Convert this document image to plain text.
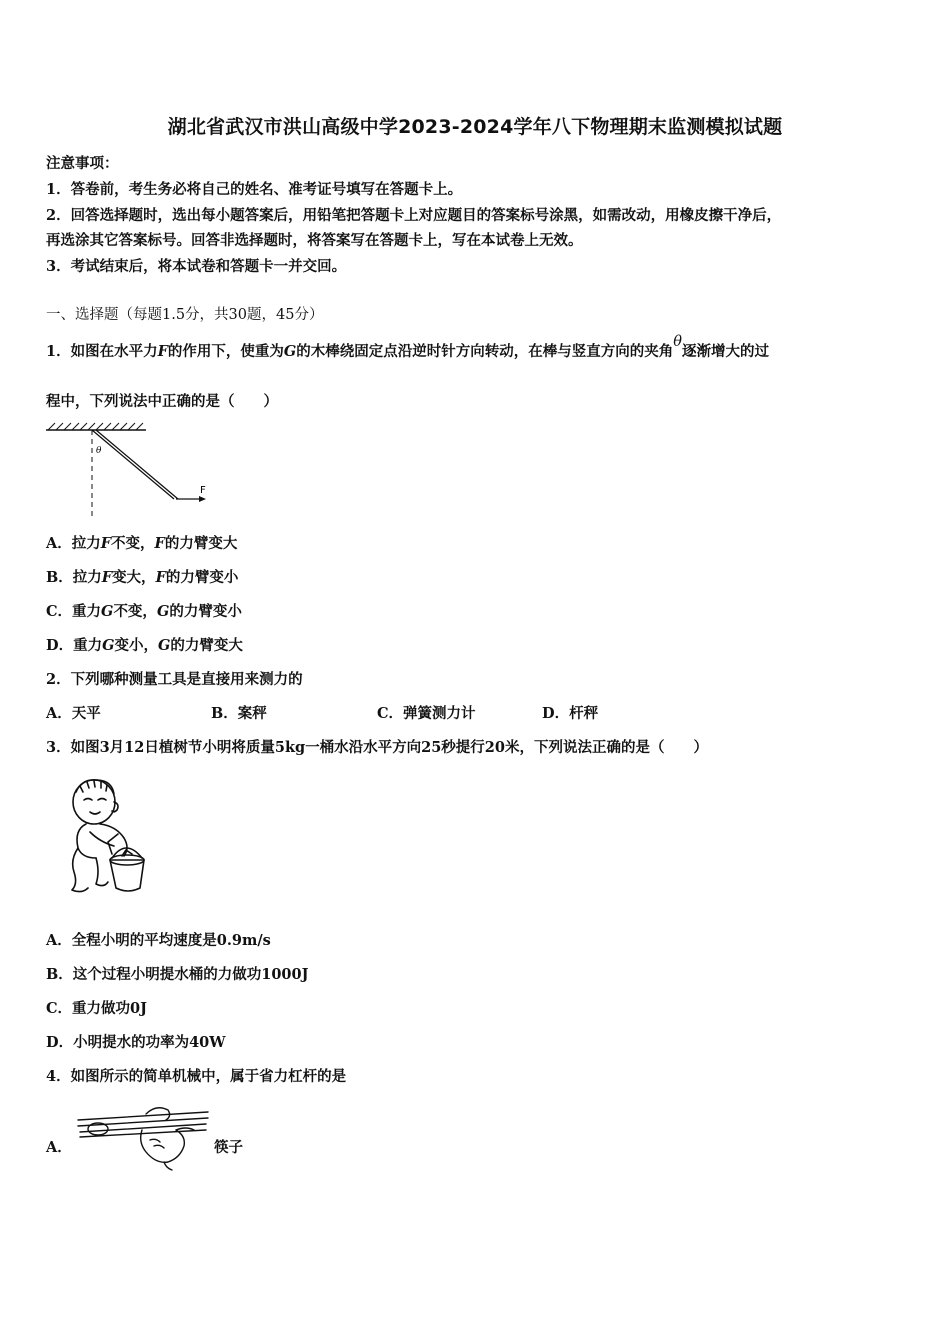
湖北省武汉市洪山高级中学2023-2024学年八下物理期末监测模拟试题
注意事项：
1．答卷前，考生务必将自己的姓名、准考证号填写在答题卡上。
2．回答选择题时，选出每小题答案后，用铅笔把答题卡上对应题目的答案标号涂黑，如需改动，用橡皮擦干净后，
再选涂其它答案标号。回答非选择题时，将答案写在答题卡上，写在本试卷上无效。
3．考试结束后，将本试卷和答题卡一并交回。
一、选择题（每题1.5分，共30题，45分）
1．如图在水平力F的作用下，使重为G的木棒绕固定点沿逆时针方向转动，在棒与竖直方向的夹角θ逐渐增大的过
程中，下列说法中正确的是（　　）
θ
F
A．拉力F不变，F的力臂变大
B．拉力F变大，F的力臂变小
C．重力G不变，G的力臂变小
D．重力G变小，G的力臂变大
2．下列哪种测量工具是直接用来测力的
A．天平	B．案秤	C．弹簧测力计	D．杆秤
3．如图3月12日植树节小明将质量5kg一桶水沿水平方向25秒提行20米，下列说法正确的是（　　）
A．全程小明的平均速度是0.9m/s
B．这个过程小明提水桶的力做功1000J
C．重力做功0J
D．小明提水的功率为40W
4．如图所示的简单机械中，属于省力杠杆的是
A．	筷子
